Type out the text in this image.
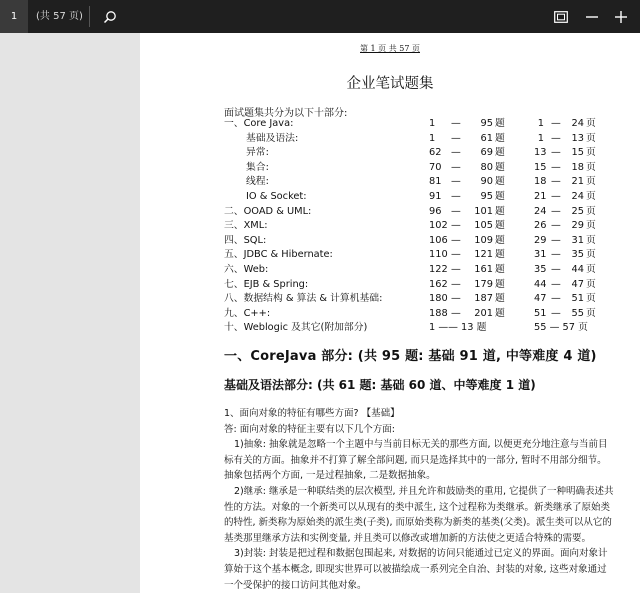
1	(共 57 页)
第 1 页 共 57 页
企业笔试题集
面试题集共分为以下十部分:
一、Core Java:	1	—	95 题	1 —	24 页
基础及语法:	1	—	61 题	1 —	13 页
异常:	62 —	69 题	13 —	15 页
集合:	70 —	80 题	15 —	18 页
线程:	81 —	90 题	18 —	21 页
IO & Socket:	91 —	95 题	21 —	24 页
二、OOAD & UML:	96 —	101 题	24 —	25 页
三、XML:	102 —	105 题	26 —	29 页
四、SQL:	106 —	109 题	29 —	31 页
五、JDBC & Hibernate:	110 —	121 题	31 —	35 页
六、Web:	122 —	161 题	35 —	44 页
七、EJB & Spring:	162 —	179 题	44 —	47 页
八、数据结构 & 算法 & 计算机基础:	180 —	187 题	47 —	51 页
九、C++:	188 —	201 题	51 —	55 页
十、Weblogic 及其它(附加部分)	1 —— 13 题	55 — 57 页
一、CoreJava 部分: (共 95 题: 基础 91 道, 中等难度 4 道)
基础及语法部分: (共 61 题: 基础 60 道、中等难度 1 道)

1、面向对象的特征有哪些方面? 【基础】

答: 面向对象的特征主要有以下几个方面:

1)抽象: 抽象就是忽略一个主题中与当前目标无关的那些方面, 以便更充分地注意与当前目标有关的方面。抽象并不打算了解全部问题, 而只是选择其中的一部分, 暂时不用部分细节。抽象包括两个方面, 一是过程抽象, 二是数据抽象。

2)继承: 继承是一种联结类的层次模型, 并且允许和鼓励类的重用, 它提供了一种明确表述共性的方法。对象的一个新类可以从现有的类中派生, 这个过程称为类继承。新类继承了原始类的特性, 新类称为原始类的派生类(子类), 而原始类称为新类的基类(父类)。派生类可以从它的基类那里继承方法和实例变量, 并且类可以修改或增加新的方法使之更适合特殊的需要。

3)封装: 封装是把过程和数据包围起来, 对数据的访问只能通过已定义的界面。面向对象计算始于这个基本概念, 即现实世界可以被描绘成一系列完全自治、封装的对象, 这些对象通过一个受保护的接口访问其他对象。
